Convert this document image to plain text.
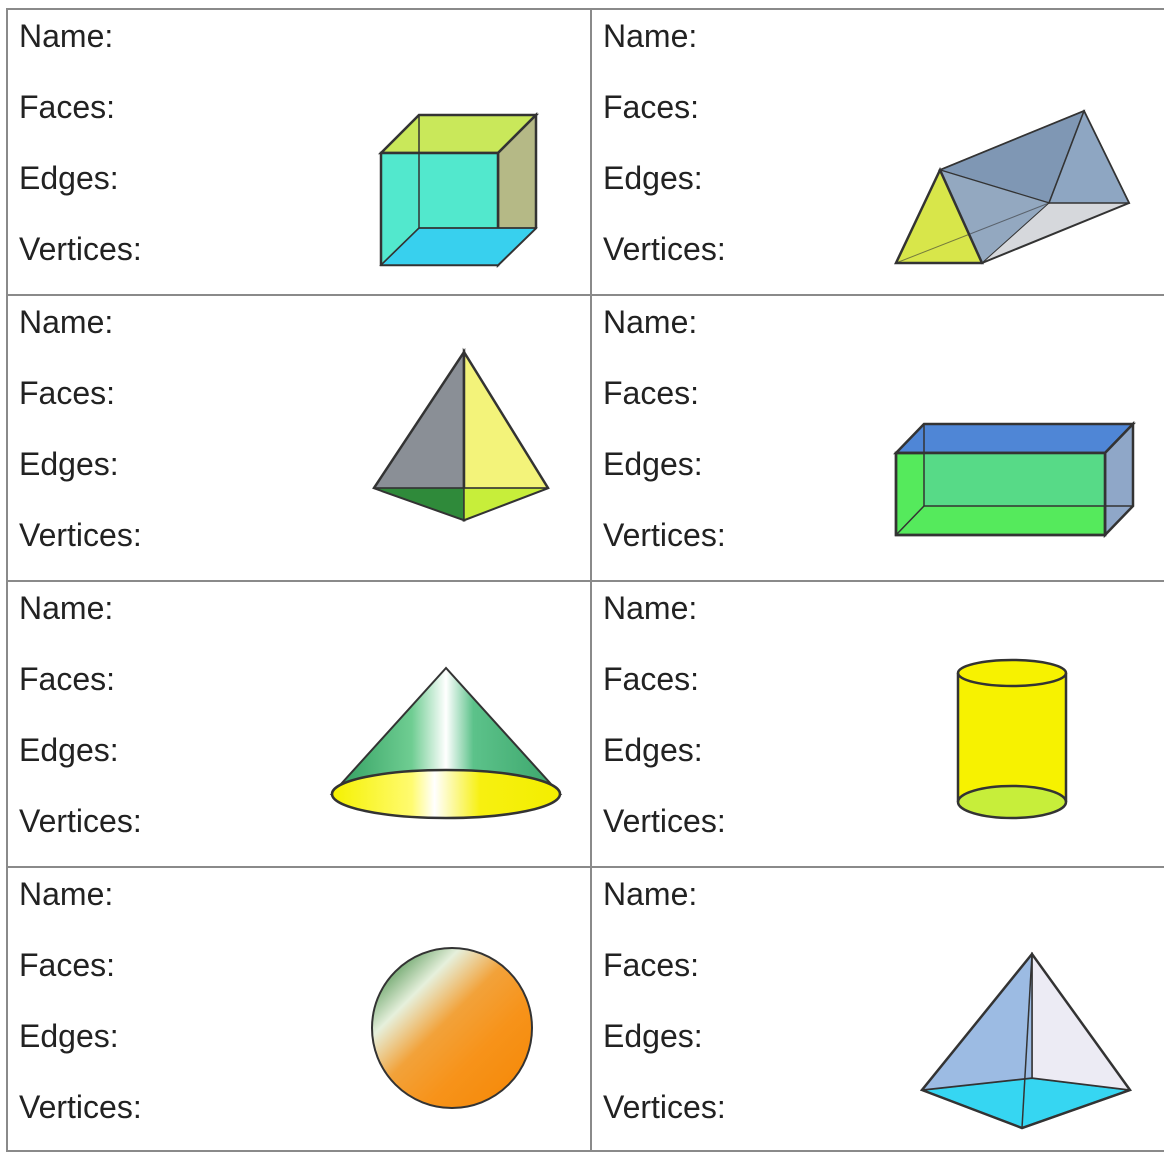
Name:
Faces:
Edges:
Vertices:
Name:
Faces:
Edges:
Vertices:
Name:
Faces:
Edges:
Vertices:
Name:
Faces:
Edges:
Vertices:
Name:
Faces:
Edges:
Vertices:
Name:
Faces:
Edges:
Vertices:
Name:
Faces:
Edges:
Vertices:
Name:
Faces:
Edges:
Vertices:
